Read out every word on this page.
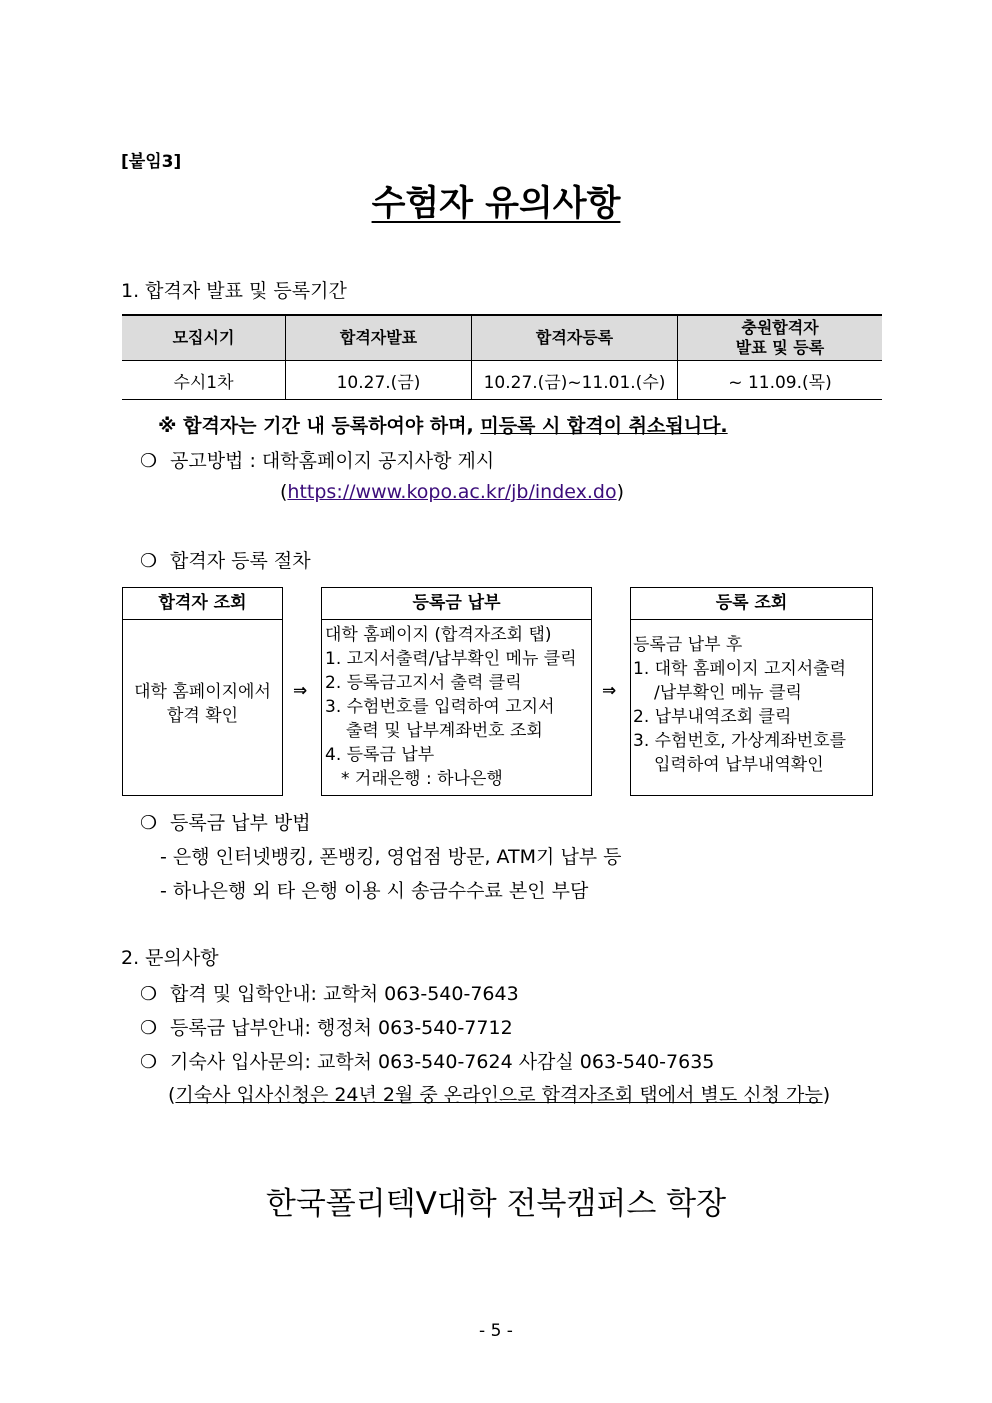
[붙임3]
수험자 유의사항
1. 합격자 발표 및 등록기간
모집시기	합격자발표	합격자등록	충원합격자
발표 및 등록
수시1차	10.27.(금)	10.27.(금)~11.01.(수)	~ 11.09.(목)
※ 합격자는 기간 내 등록하여야 하며, 미등록 시 합격이 취소됩니다.
❍ 공고방법 : 대학홈페이지 공지사항 게시
(https://www.kopo.ac.kr/jb/index.do)
❍ 합격자 등록 절차
합격자 조회
대학 홈페이지에서
합격 확인
⇒
등록금 납부
대학 홈페이지 (합격자조회 탭)
1. 고지서출력/납부확인 메뉴 클릭
2. 등록금고지서 출력 클릭
3. 수험번호를 입력하여 고지서
출력 및 납부계좌번호 조회
4. 등록금 납부
* 거래은행 : 하나은행
⇒
등록 조회
등록금 납부 후
1. 대학 홈페이지 고지서출력
/납부확인 메뉴 클릭
2. 납부내역조회 클릭
3. 수험번호, 가상계좌번호를
입력하여 납부내역확인
❍ 등록금 납부 방법
- 은행 인터넷뱅킹, 폰뱅킹, 영업점 방문, ATM기 납부 등
- 하나은행 외 타 은행 이용 시 송금수수료 본인 부담
2. 문의사항
❍ 합격 및 입학안내: 교학처 063-540-7643
❍ 등록금 납부안내: 행정처 063-540-7712
❍ 기숙사 입사문의: 교학처 063-540-7624 사감실 063-540-7635
(기숙사 입사신청은 24년 2월 중 온라인으로 합격자조회 탭에서 별도 신청 가능)
한국폴리텍V대학 전북캠퍼스 학장
- 5 -
